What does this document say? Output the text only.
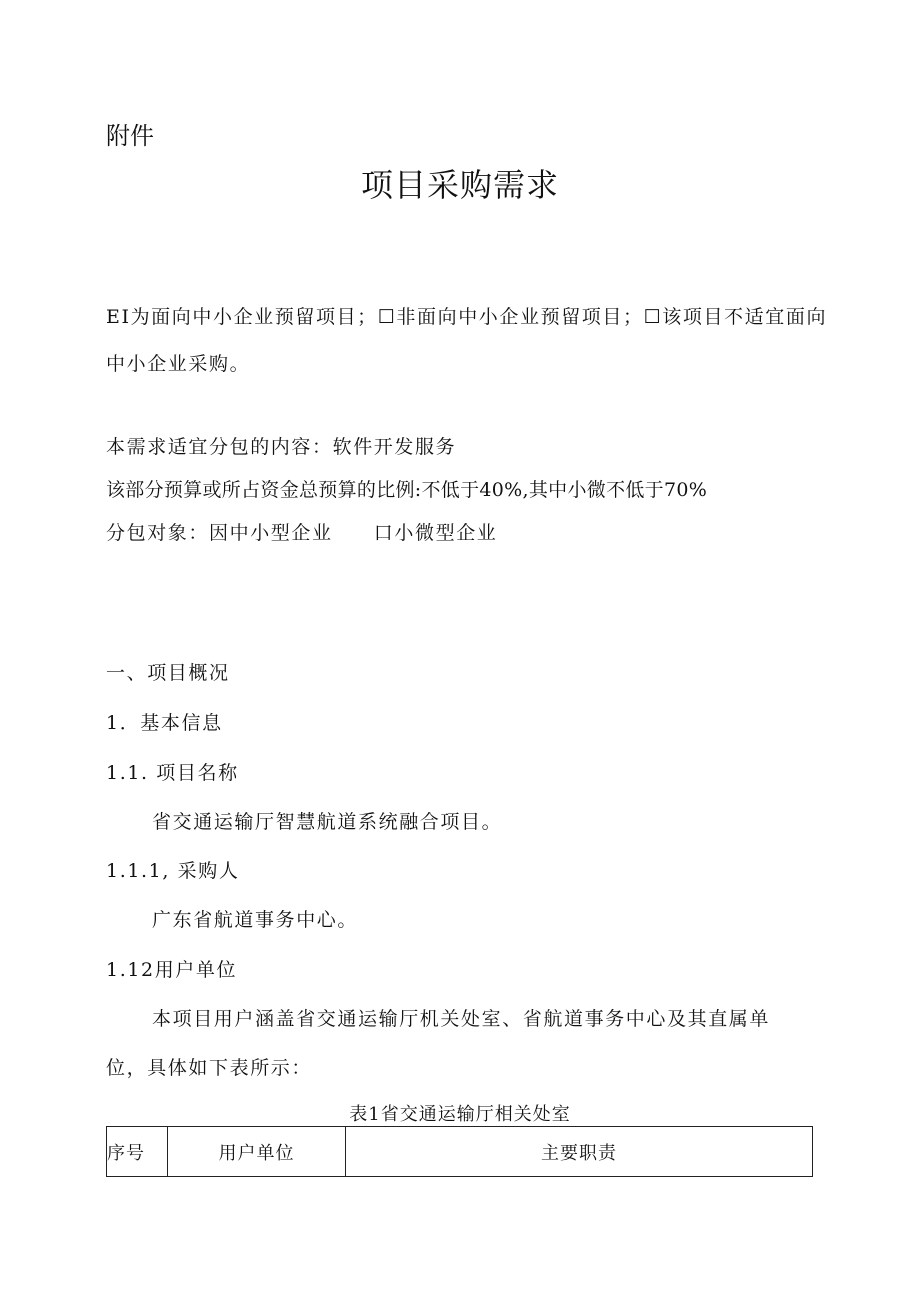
附件
项目采购需求
EI为面向中小企业预留项目；☐非面向中小企业预留项目；☐该项目不适宜面向
中小企业采购。
本需求适宜分包的内容：软件开发服务
该部分预算或所占资金总预算的比例:不低于40%,其中小微不低于70%
分包对象：因中小型企业　　口小微型企业
一、项目概况
1．基本信息
1.1. 项目名称
省交通运输厅智慧航道系统融合项目。
1.1.1, 采购人
广东省航道事务中心。
1.12用户单位
本项目用户涵盖省交通运输厅机关处室、省航道事务中心及其直属单
位，具体如下表所示：
表1省交通运输厅相关处室
序号	用户单位	主要职责
